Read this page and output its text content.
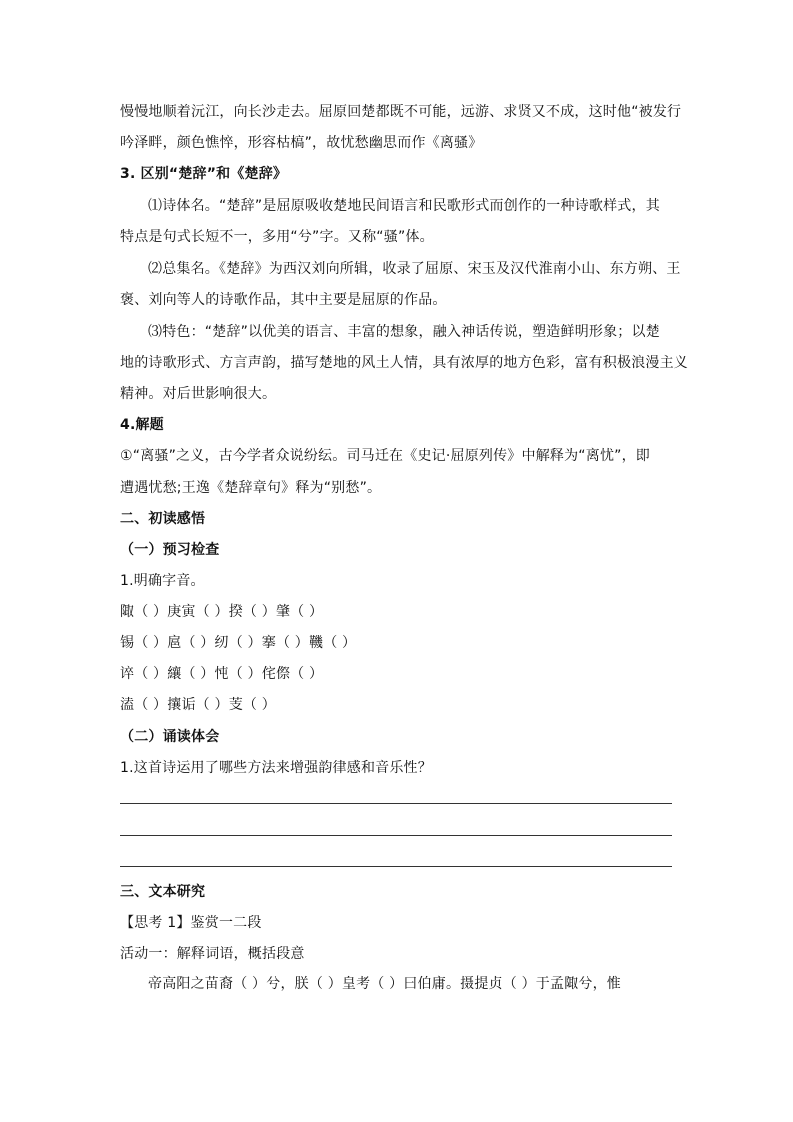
慢慢地顺着沅江，向长沙走去。屈原回楚都既不可能，远游、求贤又不成，这时他“被发行
吟泽畔，颜色憔悴，形容枯槁”，故忧愁幽思而作《离骚》
3. 区别“楚辞”和《楚辞》
⑴诗体名。“楚辞”是屈原吸收楚地民间语言和民歌形式而创作的一种诗歌样式，其
特点是句式长短不一，多用“兮”字。又称“骚”体。
⑵总集名。《楚辞》为西汉刘向所辑，收录了屈原、宋玉及汉代淮南小山、东方朔、王
褒、刘向等人的诗歌作品，其中主要是屈原的作品。
⑶特色：“楚辞”以优美的语言、丰富的想象，融入神话传说，塑造鲜明形象；以楚
地的诗歌形式、方言声韵，描写楚地的风土人情，具有浓厚的地方色彩，富有积极浪漫主义
精神。对后世影响很大。
4.解题
①“离骚”之义，古今学者众说纷纭。司马迁在《史记·屈原列传》中解释为“离忧”，即
遭遇忧愁;王逸《楚辞章句》释为“别愁”。
二、初读感悟
（一）预习检查
1.明确字音。
陬（ ）庚寅（ ）揆（ ）肇（ ）
锡（ ）扈（ ）纫（ ）搴（ ）鞿（ ）
谇（ ）纕（ ）忳（ ）侘傺（ ）
溘（ ）攘诟（ ）芰（ ）
（二）诵读体会
1.这首诗运用了哪些方法来增强韵律感和音乐性？
三、文本研究
【思考 1】鉴赏一二段
活动一：解释词语，概括段意
帝高阳之苗裔（ ）兮，朕（ ）皇考（ ）曰伯庸。摄提贞（ ）于孟陬兮，惟
